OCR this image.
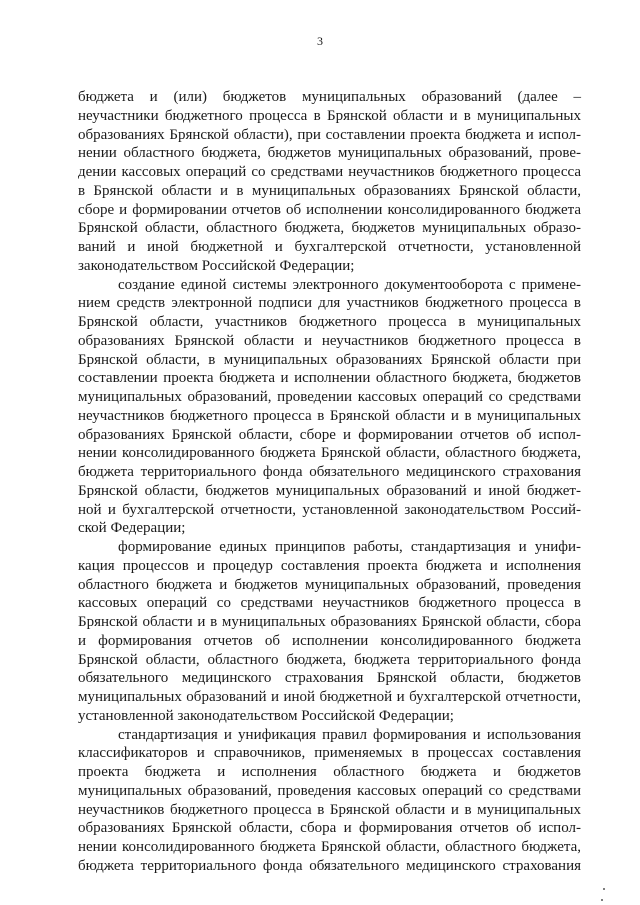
3
бюджета и (или) бюджетов муниципальных образований (далее –
неучастники бюджетного процесса в Брянской области и в муниципальных
образованиях Брянской области), при составлении проекта бюджета и испол-
нении областного бюджета, бюджетов муниципальных образований, прове-
дении кассовых операций со средствами неучастников бюджетного процесса
в Брянской области и в муниципальных образованиях Брянской области,
сборе и формировании отчетов об исполнении консолидированного бюджета
Брянской области, областного бюджета, бюджетов муниципальных образо-
ваний и иной бюджетной и бухгалтерской отчетности, установленной
законодательством Российской Федерации;
создание единой системы электронного документооборота с примене-
нием средств электронной подписи для участников бюджетного процесса в
Брянской области, участников бюджетного процесса в муниципальных
образованиях Брянской области и неучастников бюджетного процесса в
Брянской области, в муниципальных образованиях Брянской области при
составлении проекта бюджета и исполнении областного бюджета, бюджетов
муниципальных образований, проведении кассовых операций со средствами
неучастников бюджетного процесса в Брянской области и в муниципальных
образованиях Брянской области, сборе и формировании отчетов об испол-
нении консолидированного бюджета Брянской области, областного бюджета,
бюджета территориального фонда обязательного медицинского страхования
Брянской области, бюджетов муниципальных образований и иной бюджет-
ной и бухгалтерской отчетности, установленной законодательством Россий-
ской Федерации;
формирование единых принципов работы, стандартизация и унифи-
кация процессов и процедур составления проекта бюджета и исполнения
областного бюджета и бюджетов муниципальных образований, проведения
кассовых операций со средствами неучастников бюджетного процесса в
Брянской области и в муниципальных образованиях Брянской области, сбора
и формирования отчетов об исполнении консолидированного бюджета
Брянской области, областного бюджета, бюджета территориального фонда
обязательного медицинского страхования Брянской области, бюджетов
муниципальных образований и иной бюджетной и бухгалтерской отчетности,
установленной законодательством Российской Федерации;
стандартизация и унификация правил формирования и использования
классификаторов и справочников, применяемых в процессах составления
проекта бюджета и исполнения областного бюджета и бюджетов
муниципальных образований, проведения кассовых операций со средствами
неучастников бюджетного процесса в Брянской области и в муниципальных
образованиях Брянской области, сбора и формирования отчетов об испол-
нении консолидированного бюджета Брянской области, областного бюджета,
бюджета территориального фонда обязательного медицинского страхования
